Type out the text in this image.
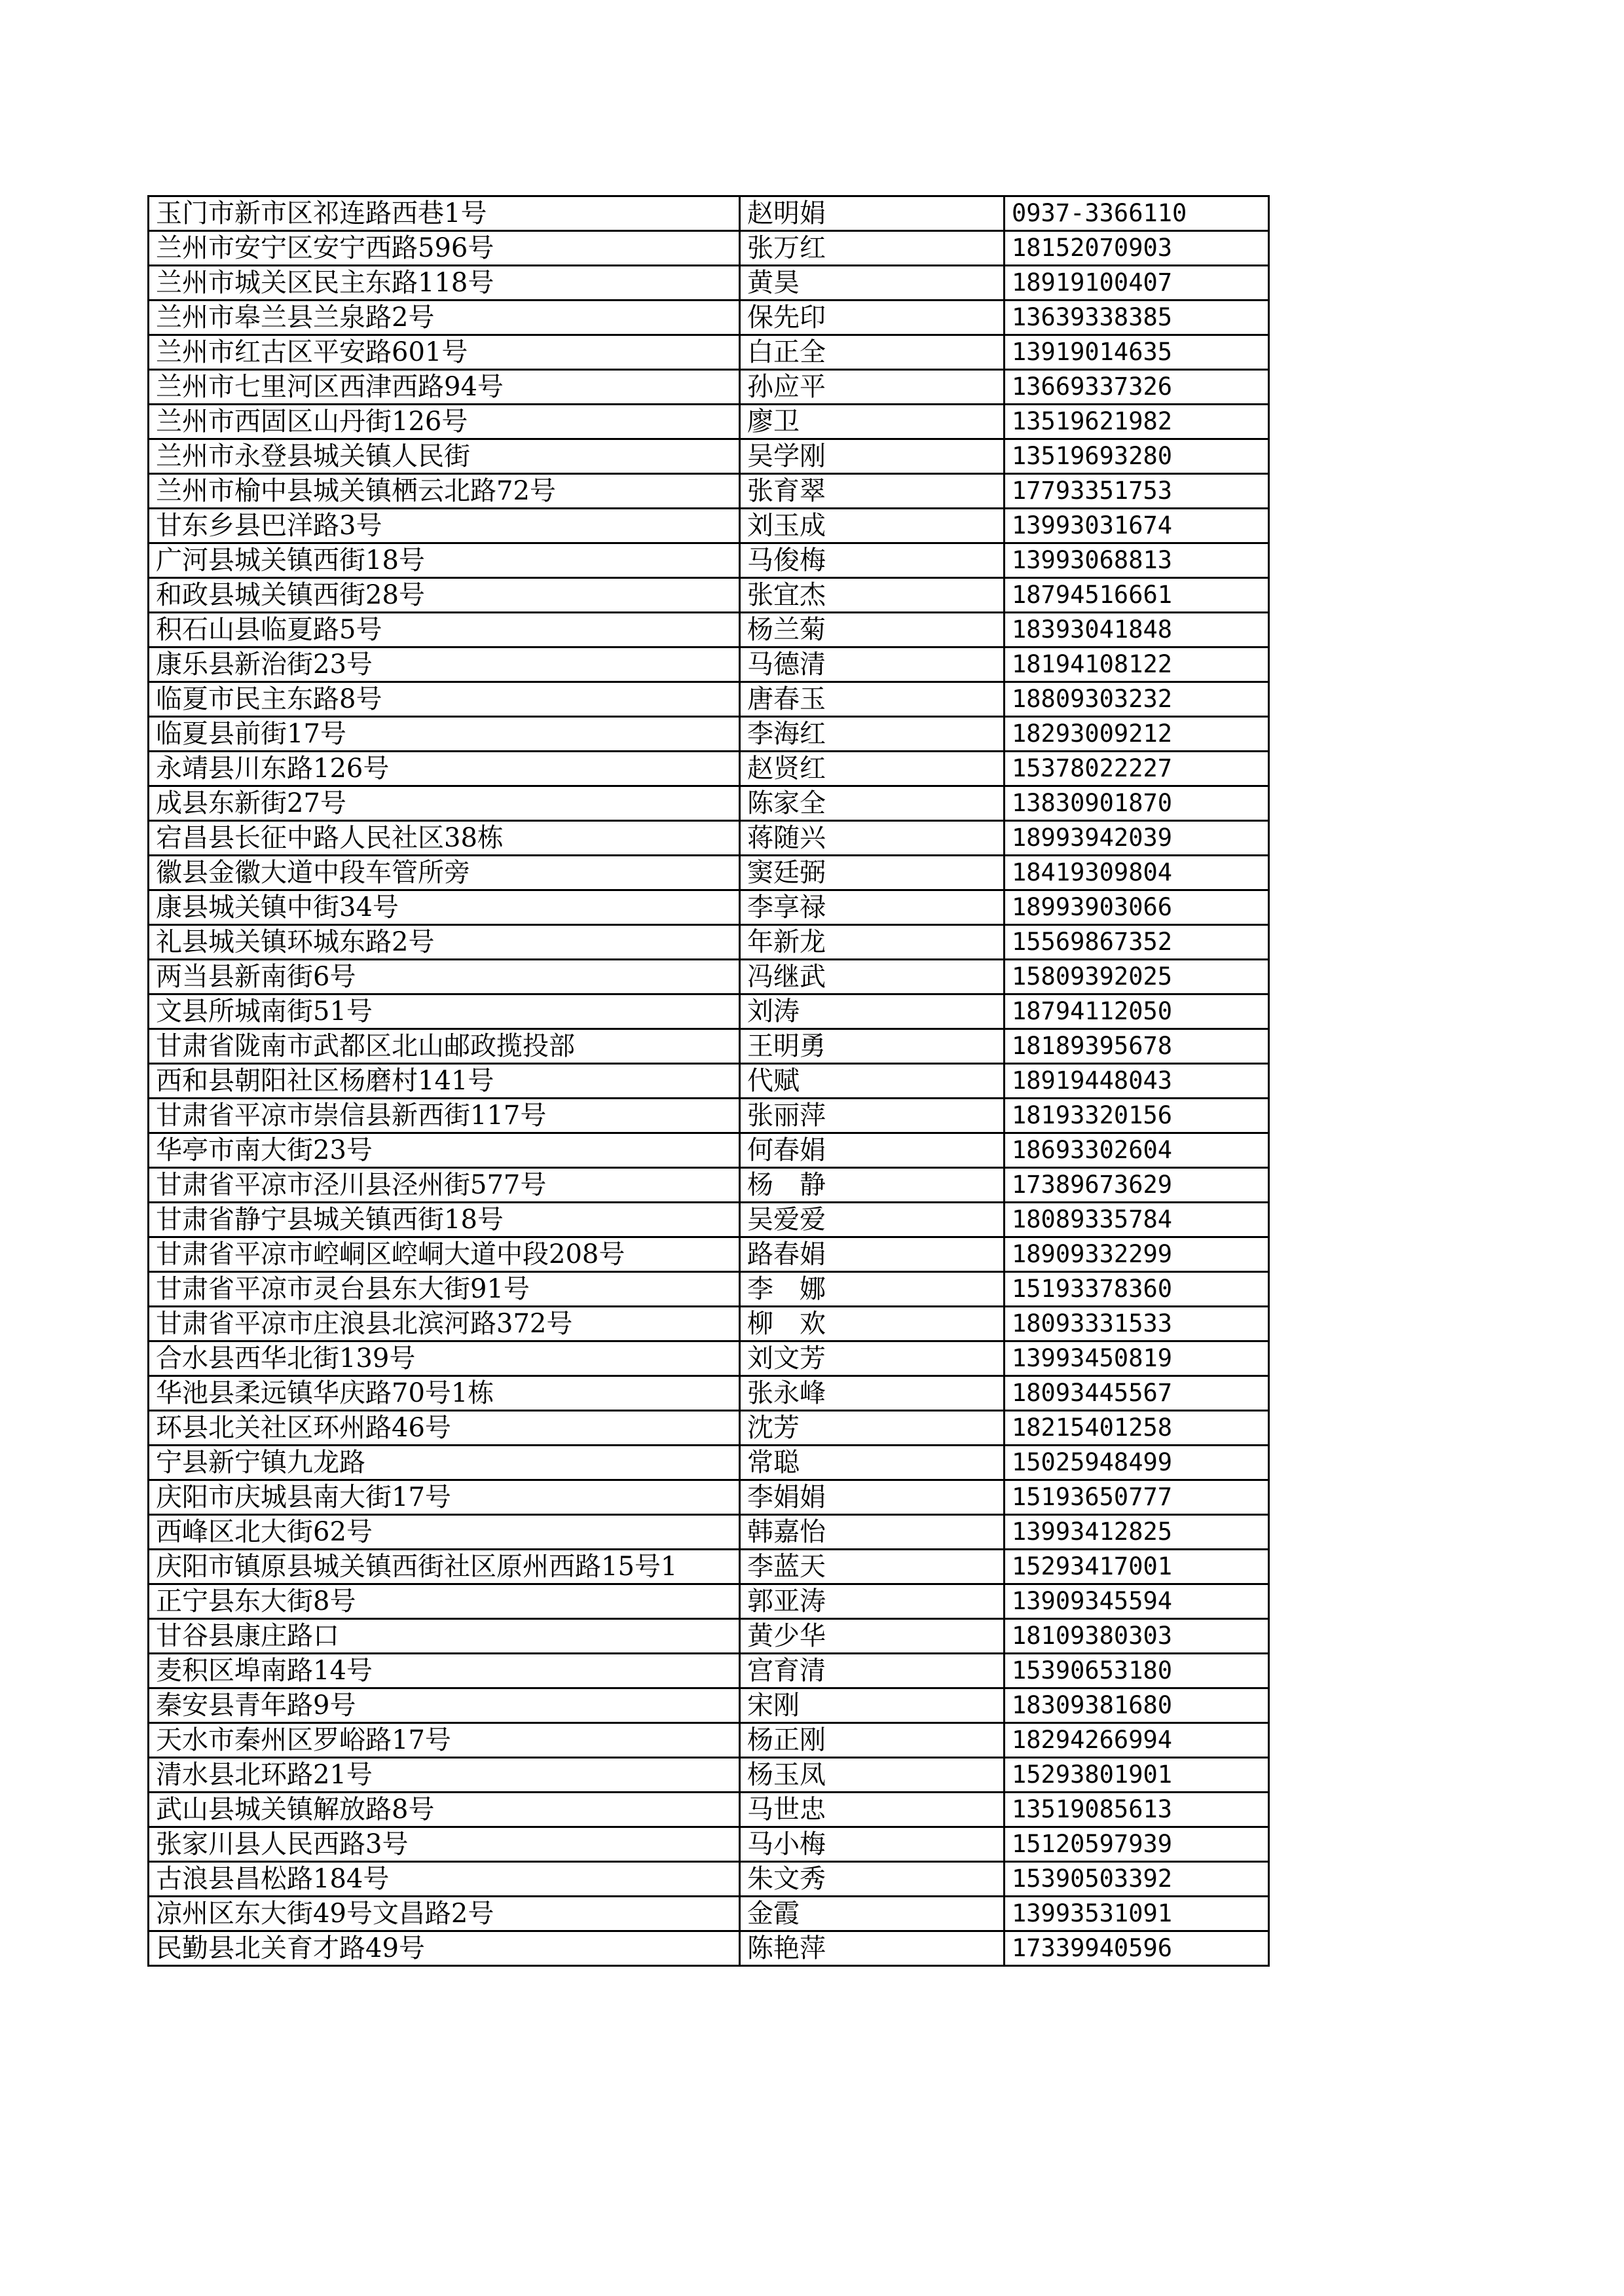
玉门市新市区祁连路西巷1号	赵明娟	0937-3366110
兰州市安宁区安宁西路596号	张万红	18152070903
兰州市城关区民主东路118号	黄昊	18919100407
兰州市皋兰县兰泉路2号	保先印	13639338385
兰州市红古区平安路601号	白正全	13919014635
兰州市七里河区西津西路94号	孙应平	13669337326
兰州市西固区山丹街126号	廖卫	13519621982
兰州市永登县城关镇人民街	吴学刚	13519693280
兰州市榆中县城关镇栖云北路72号	张育翠	17793351753
甘东乡县巴洋路3号	刘玉成	13993031674
广河县城关镇西街18号	马俊梅	13993068813
和政县城关镇西街28号	张宜杰	18794516661
积石山县临夏路5号	杨兰菊	18393041848
康乐县新治街23号	马德清	18194108122
临夏市民主东路8号	唐春玉	18809303232
临夏县前街17号	李海红	18293009212
永靖县川东路126号	赵贤红	15378022227
成县东新街27号	陈家全	13830901870
宕昌县长征中路人民社区38栋	蒋随兴	18993942039
徽县金徽大道中段车管所旁	窦廷弼	18419309804
康县城关镇中街34号	李享禄	18993903066
礼县城关镇环城东路2号	年新龙	15569867352
两当县新南街6号	冯继武	15809392025
文县所城南街51号	刘涛	18794112050
甘肃省陇南市武都区北山邮政揽投部	王明勇	18189395678
西和县朝阳社区杨磨村141号	代赋	18919448043
甘肃省平凉市崇信县新西街117号	张丽萍	18193320156
华亭市南大街23号	何春娟	18693302604
甘肃省平凉市泾川县泾州街577号	杨　静	17389673629
甘肃省静宁县城关镇西街18号	吴爱爱	18089335784
甘肃省平凉市崆峒区崆峒大道中段208号	路春娟	18909332299
甘肃省平凉市灵台县东大街91号	李　娜	15193378360
甘肃省平凉市庄浪县北滨河路372号	柳　欢	18093331533
合水县西华北街139号	刘文芳	13993450819
华池县柔远镇华庆路70号1栋	张永峰	18093445567
环县北关社区环州路46号	沈芳	18215401258
宁县新宁镇九龙路	常聪	15025948499
庆阳市庆城县南大街17号	李娟娟	15193650777
西峰区北大街62号	韩嘉怡	13993412825
庆阳市镇原县城关镇西街社区原州西路15号1	李蓝天	15293417001
正宁县东大街8号	郭亚涛	13909345594
甘谷县康庄路口	黄少华	18109380303
麦积区埠南路14号	宫育清	15390653180
秦安县青年路9号	宋刚	18309381680
天水市秦州区罗峪路17号	杨正刚	18294266994
清水县北环路21号	杨玉凤	15293801901
武山县城关镇解放路8号	马世忠	13519085613
张家川县人民西路3号	马小梅	15120597939
古浪县昌松路184号	朱文秀	15390503392
凉州区东大街49号文昌路2号	金霞	13993531091
民勤县北关育才路49号	陈艳萍	17339940596
